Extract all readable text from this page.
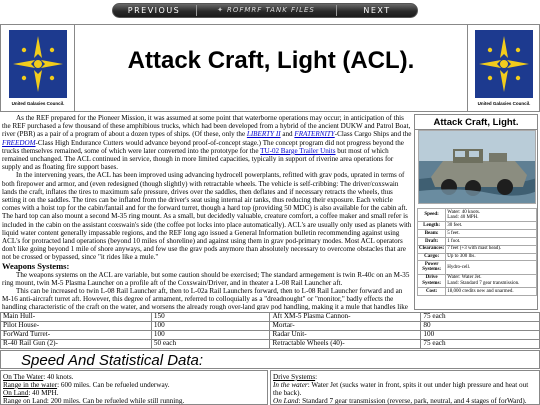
PREVIOUS	✦ ROFMRF TANK FILES	NEXT
United Galaxies Council.
Attack Craft, Light (ACL).
United Galaxies Council.

As the REF prepared for the Pioneer Mission, it was assumed at some point that waterborne operations may occur; in anticipation of this the REF purchased a few thousand of these amphibious trucks, which had been developed from a hybrid of the ancient DUKW and Patrol Boat, river (PBR) as a pair of a program of about a dozen types of ships. (Of these, only the LIBERTY II and FRATERNITY-Class Cargo Ships and the FREEDOM-Class High Endurance Cutters would advance beyond proof-of-concept stage.) The concept program did not progress beyond the trucks themselves remained, some of which were later converted into the prototype for the TU-02 Barge Trailer Units but most of which remained unchanged. The ACL continued in service, though in more limited capacities, typically in support of riverine area operations for supply and as floating fire support bases.

In the intervening years, the ACL has been improved using advancing hydrocell powerplants, refitted with grav pods, uprated in terms of both firepower and armor, and (even redesigned (though slightly) with retractable wheels. The vehicle is self-cribbing: The driver/coxswain lands the craft, inflates the tires to maximum safe pressure, drives over the saddles, then deflates and if necessary retracts the wheels, thus setting it on the saddles. The tires can be inflated from the driver's seat using internal air tanks, thus reducing their exposure. Each vehicle comes with a hoist top for the cabin/fantail and for the forward turret, though a hard top (providing 50 MDC) is also available for the cabin aft. The hard top can also mount a second M-35 ring mount. As a small, but decidedly valuable, creature comfort, a coffee maker and small refer is included in the cabin on the assistant coxswain's side (the coffee pot locks into place automatically). ACL's are usually only used as planets with liquid water content generally impassable regions, and the REF long ago issued a General Information bulletin recommending against using ACL's for protracted land operations (beyond 10 miles of shoreline) and against using them in grav pod-primary modes. Most ACL operators don't like going beyond 1 mile of shore anyways, and few use the grav pods anymore than absolutely necessary to overcome obstacles that are not be crossed or bypassed, since "it rides like a mule."

Weapons Systems:

The weapons systems on the ACL are variable, but some caution should be exercised; The standard armegement is twin R-40c on an M-35 ring mount, twin M-5 Plasma Launcher on a profile aft of the Coxswain/Driver, and in theater a L-08 Rail Launcher aft.

This can be increased to twin L-08 Rail Launcher aft, then to L-02a Rail Launchers forward, then to L-08 Rail Launcher forward and an M-16 anti-aircraft turret aft. However, this degree of armament, referred to colloquially as a "dreadnought" or "monitor," badly effects the handling characteristic of the craft on the water, and worsens the already rough over-land grav pod handling, making it a mule that handles like

Attack Craft, Light.
Speed:	Water: 40 knots.
Land: 40 MPH.
Length:	30 feet.
Beam:	5 feet.
Draft:	1 foot.
Clearances:	7 feet (+3 with mast head).
Cargo:	Up to 300 lbs.
Power Systems:	Hydro-cell.
Drive Systems:	Water: Water Jet.
Land: Standard 7 gear transmission.
Cost:	18,000 credits new and unarmed.
Main Hull-	150	Aft XM-5 Plasma Cannon-	75 each
Pilot House-	100	Mortar-	80
ForWard Turret-	100	Radar Unit-	100
R-40 Rail Gun (2)-	50 each	Retractable Wheels (40)-	75 each
Speed And Statistical Data:
On The Water: 40 knots.
Range in the water: 600 miles. Can be refueled underway.
On Land: 40 MPH.
Range on Land: 200 miles. Can be refueled while still running.
Drive Systems:
In the water: Water Jet (sucks water in front, spits it out under high pressure and heat out the back).
On Land: Standard 7 gear transmission (reverse, park, neutral, and 4 stages of forWard).
